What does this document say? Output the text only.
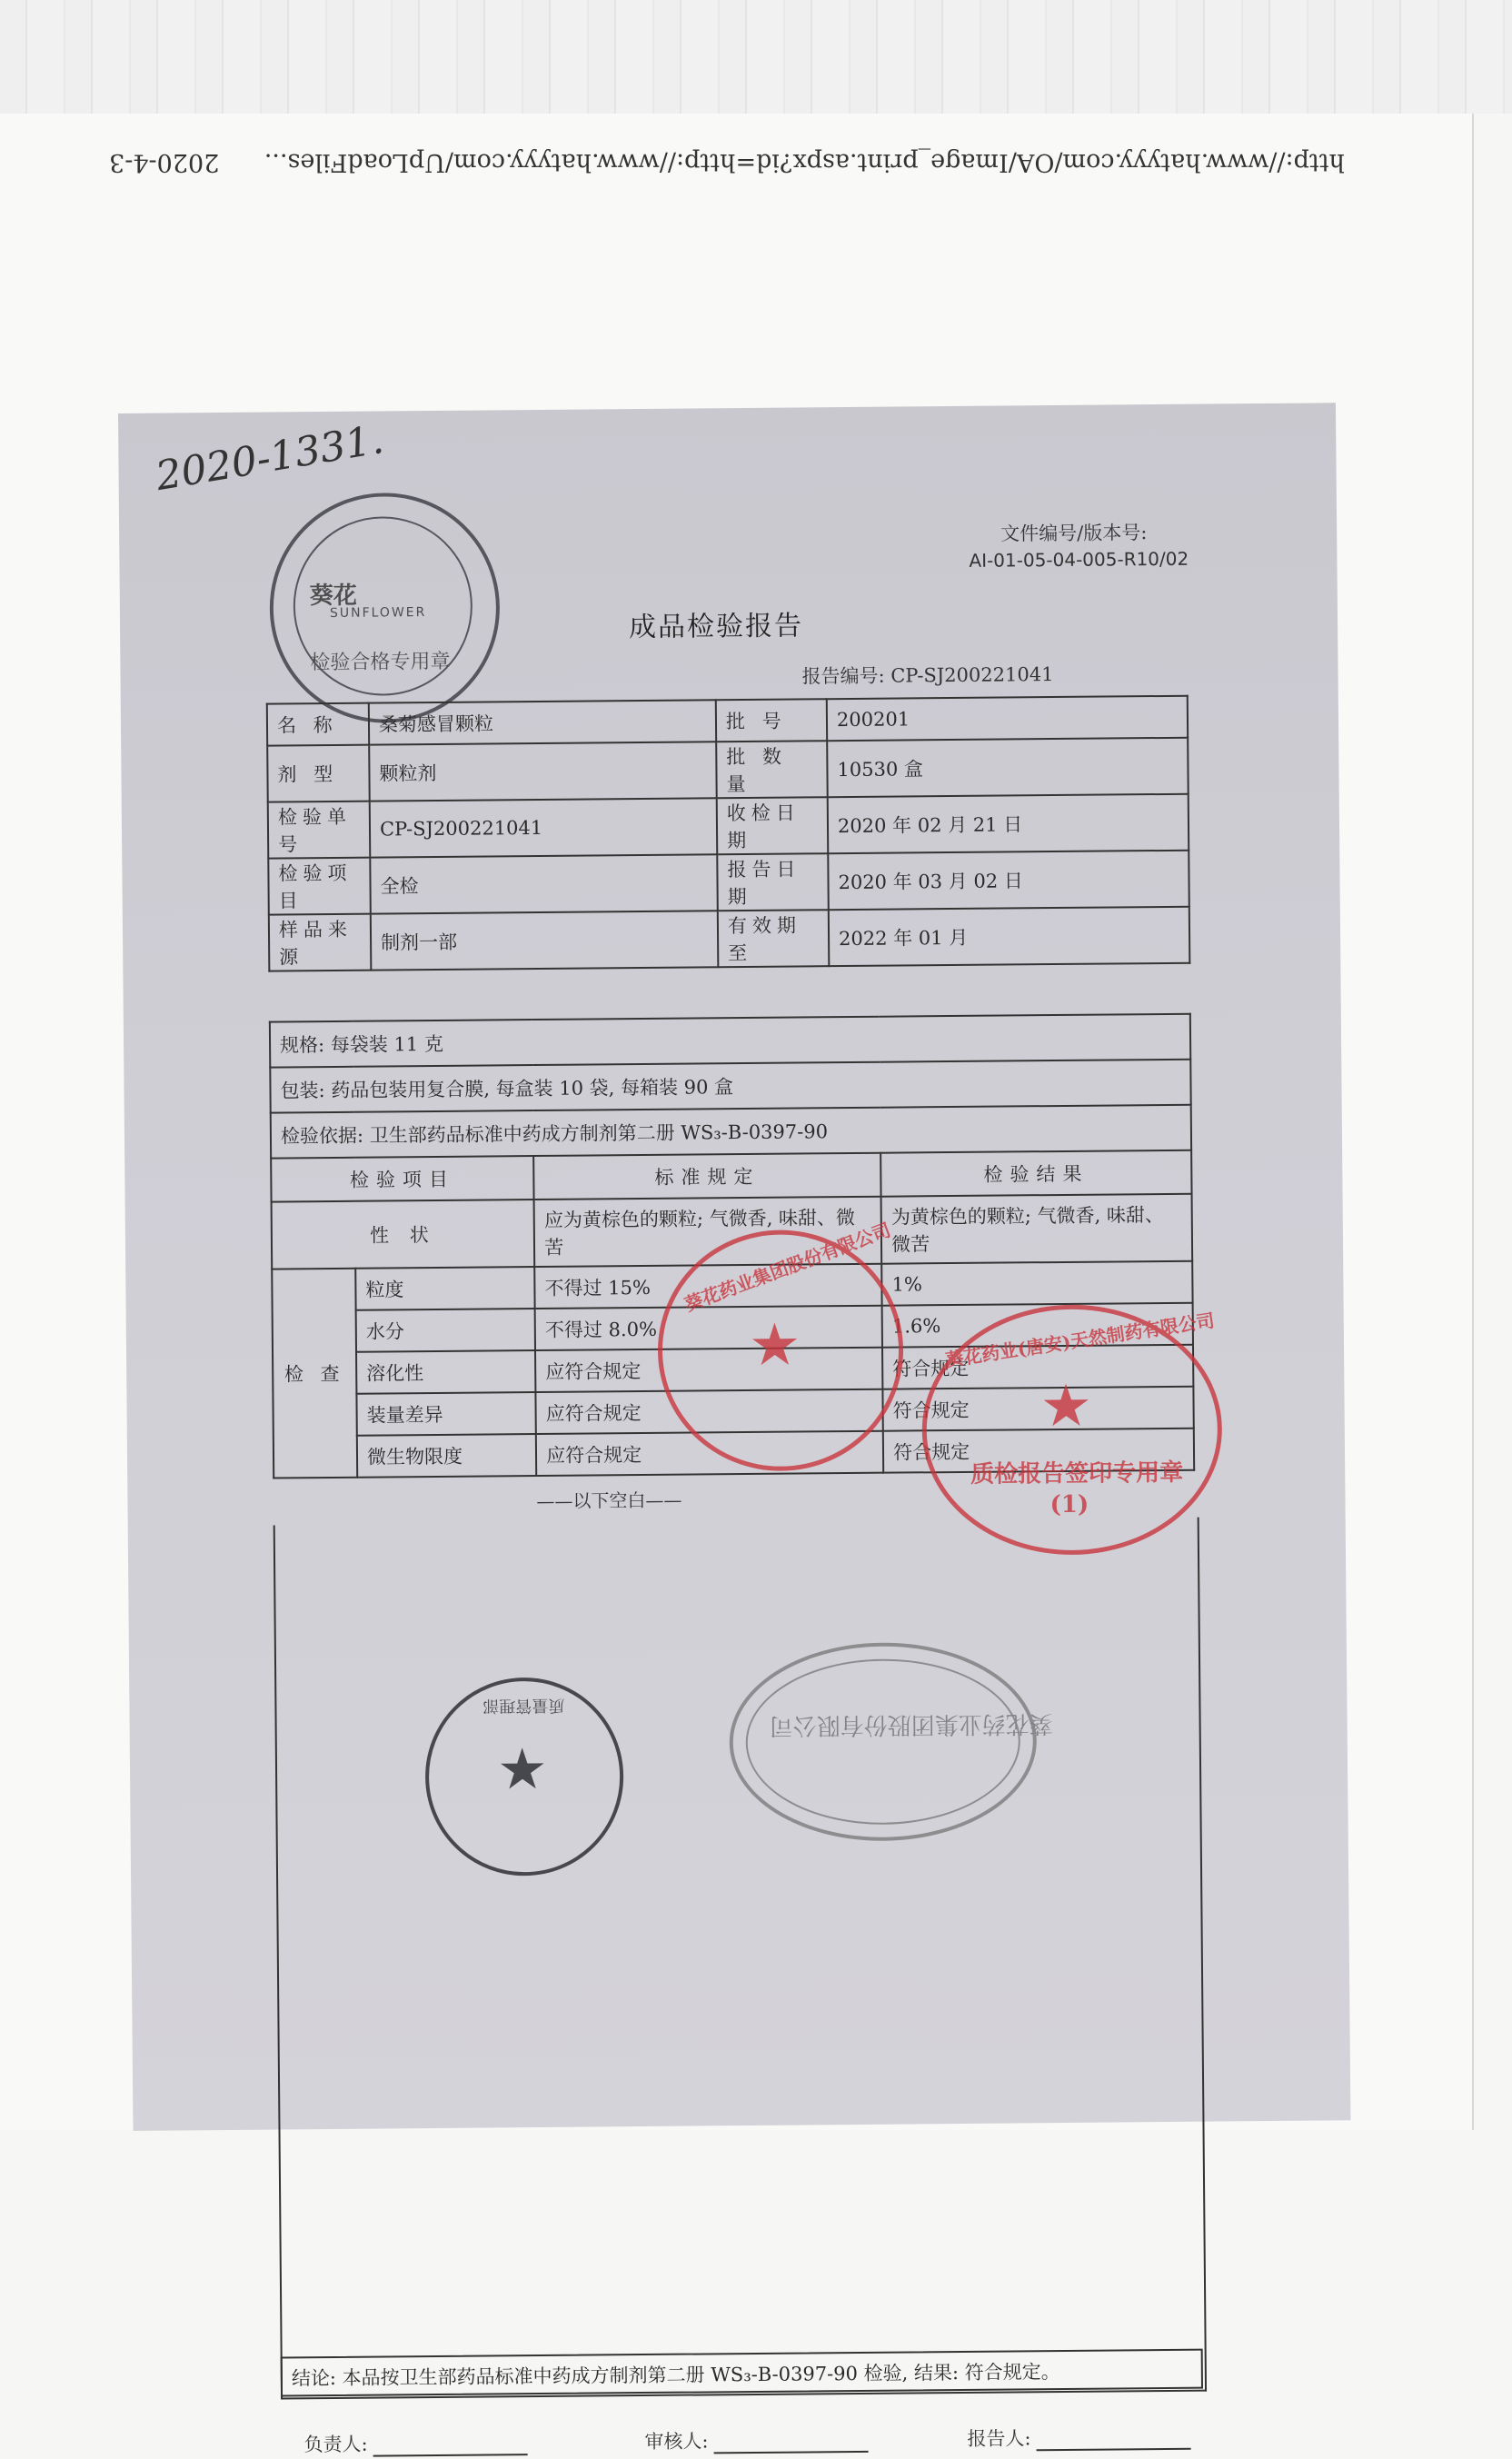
http://www.hatyyy.com/OA/Image_print.aspx?id=http://www.hatyyy.com/UpLoadFiles...
2020-4-3
2020-1331.
葵花
SUNFLOWER
检验合格专用章
文件编号/版本号:
AI-01-05-04-005-R10/02
成品检验报告
报告编号: CP-SJ200221041
名 称	桑菊感冒颗粒	批 号	200201
剂 型	颗粒剂	批 数 量	10530 盒
检验单号	CP-SJ200221041	收检日期	2020 年 02 月 21 日
检验项目	全检	报告日期	2020 年 03 月 02 日
样品来源	制剂一部	有效期至	2022 年 01 月
规格: 每袋装 11 克			
包装: 药品包装用复合膜, 每盒装 10 袋, 每箱装 90 盒			
检验依据: 卫生部药品标准中药成方制剂第二册 WS₃-B-0397-90			
检验项目		标准规定	检验结果
性 状		应为黄棕色的颗粒; 气微香, 味甜、微苦	为黄棕色的颗粒; 气微香, 味甜、微苦
检 查	粒度	不得过 15%	1%
	水分	不得过 8.0%	1.6%
	溶化性	应符合规定	符合规定
	装量差异	应符合规定	符合规定
	微生物限度	应符合规定	符合规定
——以下空白——
★
葵花药业集团股份有限公司
★
葵花药业(唐安)天然制药有限公司
质检报告签印专用章
(1)
葵花药业集团股份有限公司
质量管理部
★
结论: 本品按卫生部药品标准中药成方制剂第二册 WS₃-B-0397-90 检验, 结果: 符合规定。
负责人:	审核人:	报告人:
